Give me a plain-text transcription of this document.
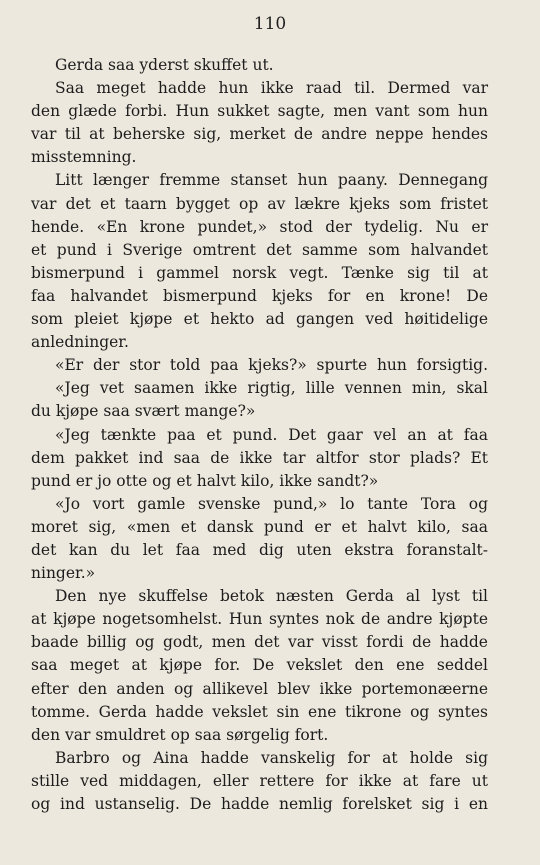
110
Gerda saa yderst skuffet ut.
Saa meget hadde hun ikke raad til. Dermed var
den glæde forbi. Hun sukket sagte, men vant som hun
var til at beherske sig, merket de andre neppe hendes
misstemning.
Litt længer fremme stanset hun paany. Dennegang
var det et taarn bygget op av lækre kjeks som fristet
hende. «En krone pundet,» stod der tydelig. Nu er
et pund i Sverige omtrent det samme som halvandet
bismerpund i gammel norsk vegt. Tænke sig til at
faa halvandet bismerpund kjeks for en krone! De
som pleiet kjøpe et hekto ad gangen ved høitidelige
anledninger.
«Er der stor told paa kjeks?» spurte hun forsigtig.
«Jeg vet saamen ikke rigtig, lille vennen min, skal
du kjøpe saa svært mange?»
«Jeg tænkte paa et pund. Det gaar vel an at faa
dem pakket ind saa de ikke tar altfor stor plads? Et
pund er jo otte og et halvt kilo, ikke sandt?»
«Jo vort gamle svenske pund,» lo tante Tora og
moret sig, «men et dansk pund er et halvt kilo, saa
det kan du let faa med dig uten ekstra foranstalt-
ninger.»
Den nye skuffelse betok næsten Gerda al lyst til
at kjøpe nogetsomhelst. Hun syntes nok de andre kjøpte
baade billig og godt, men det var visst fordi de hadde
saa meget at kjøpe for. De vekslet den ene seddel
efter den anden og allikevel blev ikke portemonæerne
tomme. Gerda hadde vekslet sin ene tikrone og syntes
den var smuldret op saa sørgelig fort.
Barbro og Aina hadde vanskelig for at holde sig
stille ved middagen, eller rettere for ikke at fare ut
og ind ustanselig. De hadde nemlig forelsket sig i en
